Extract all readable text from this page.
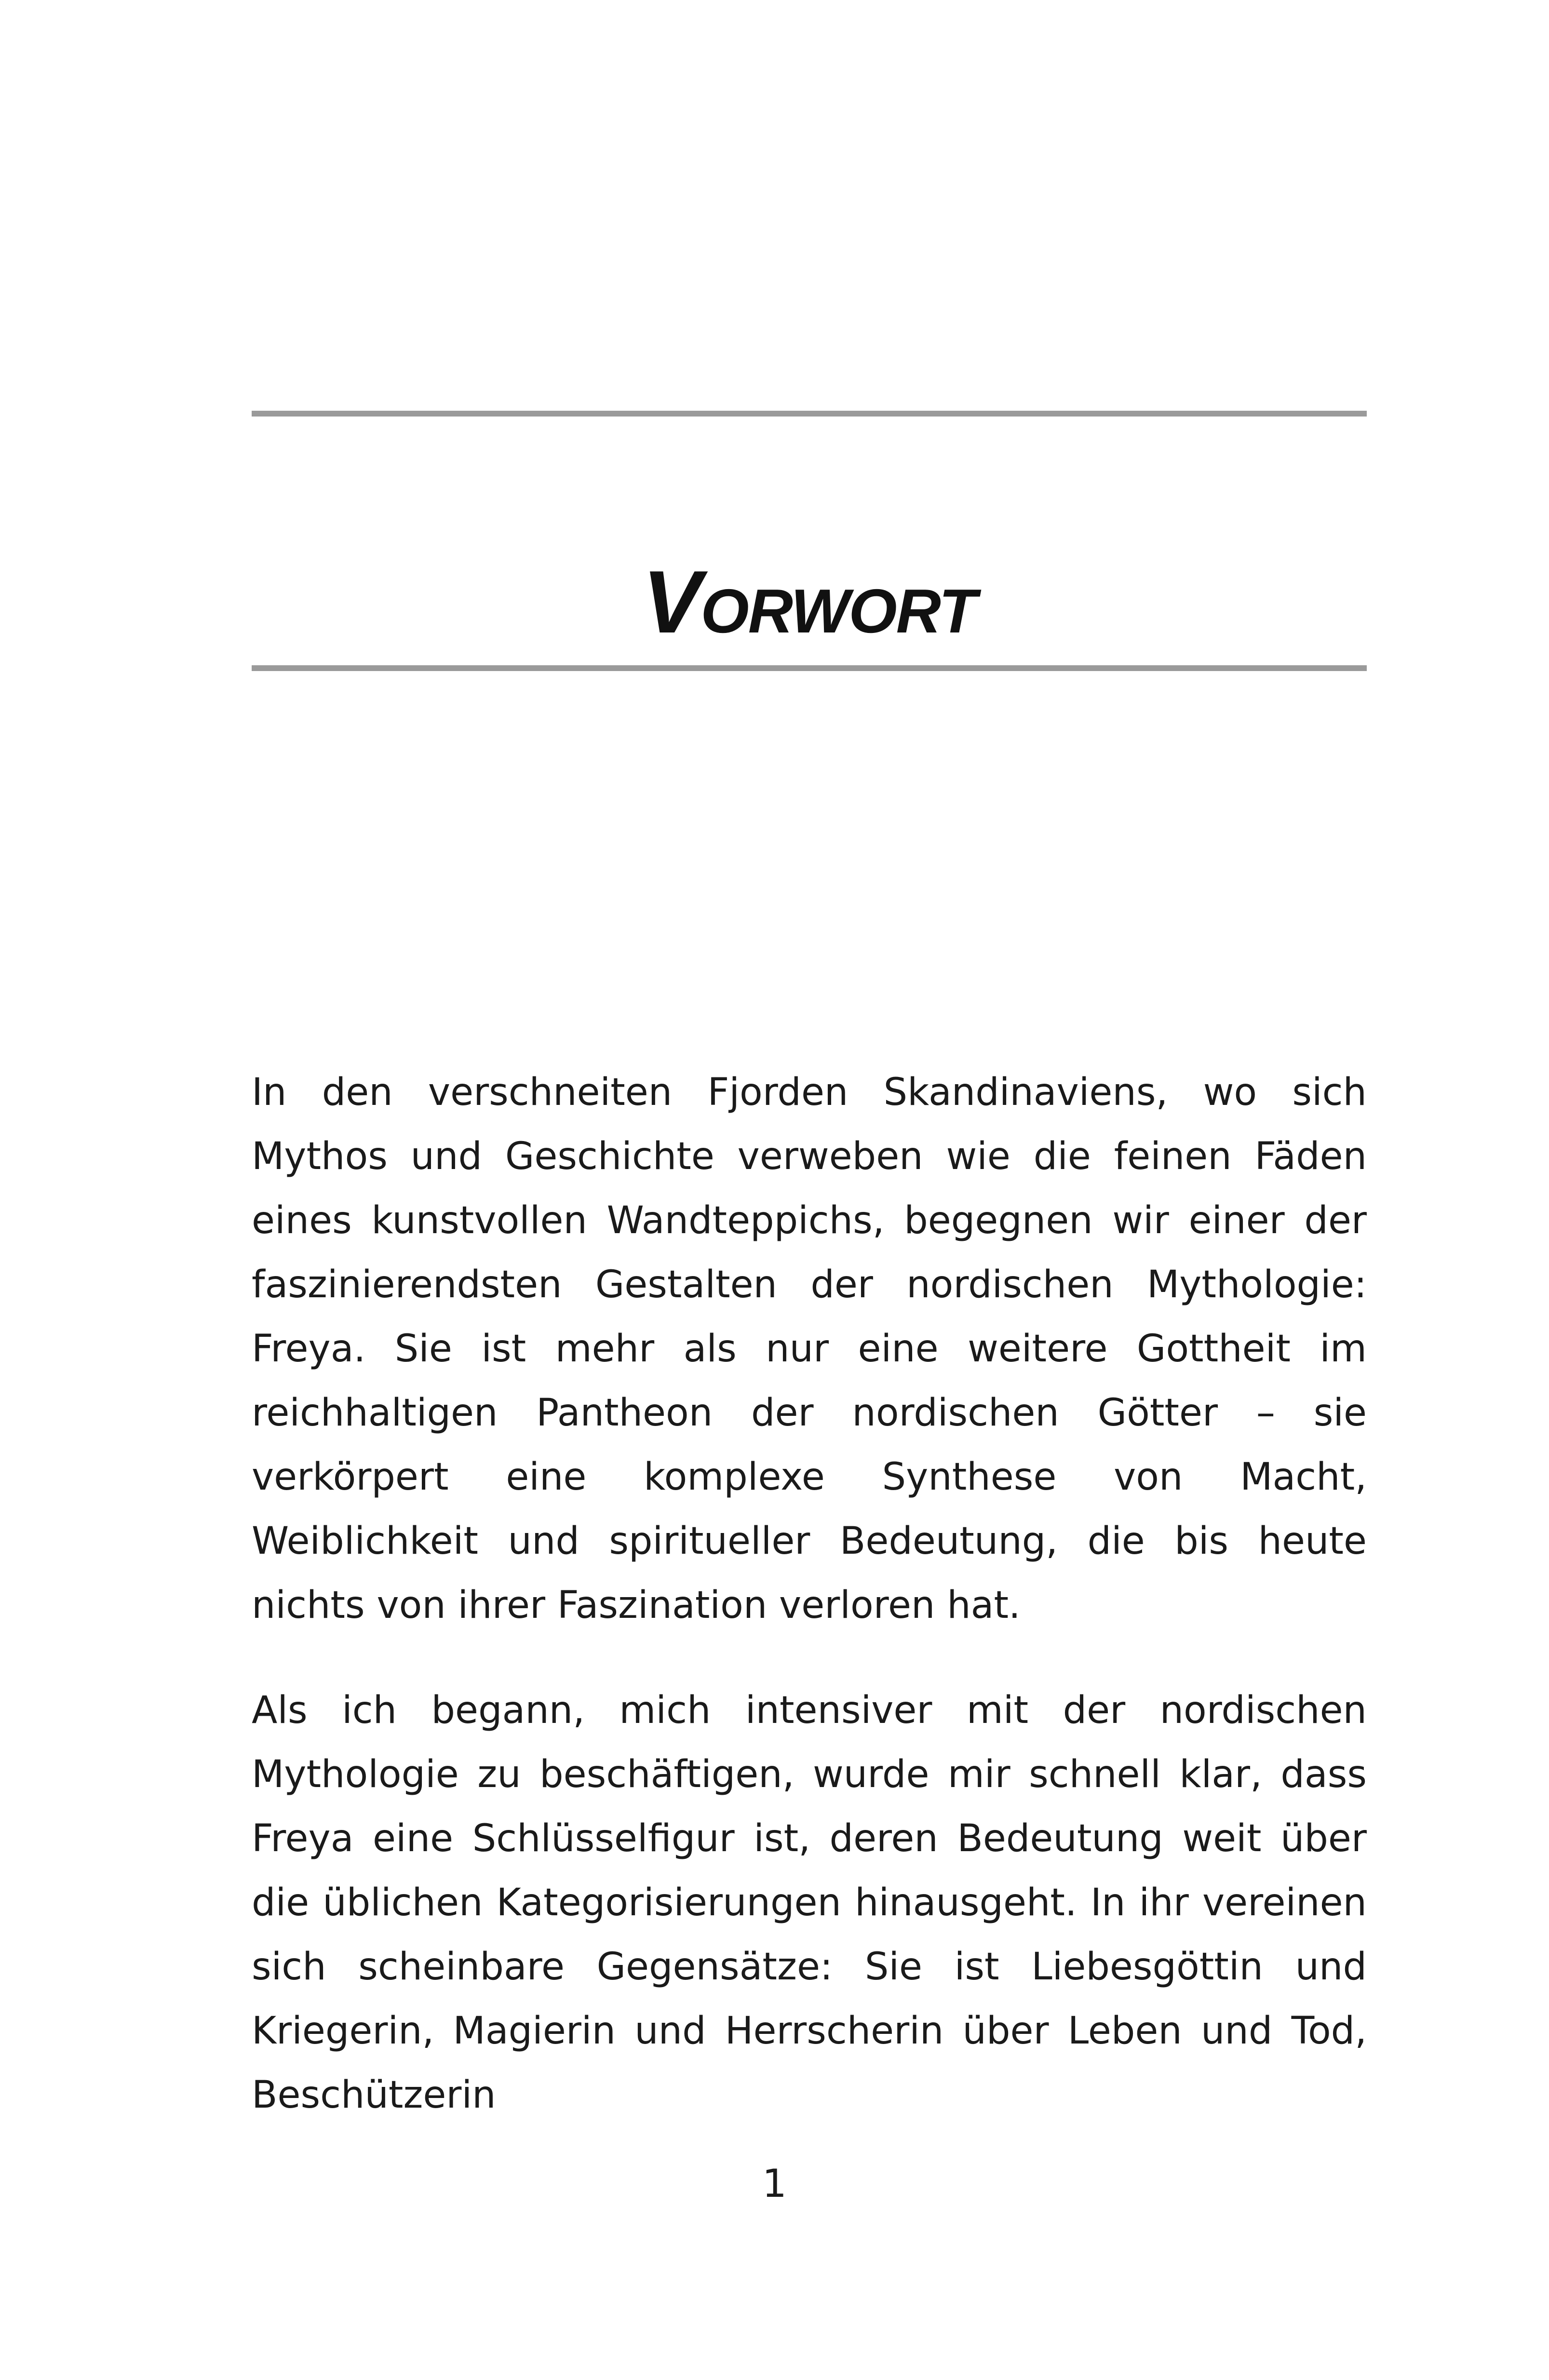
Vorwort

In den verschneiten Fjorden Skandinaviens, wo sich Mythos und Geschichte verweben wie die feinen Fäden eines kunstvollen Wandteppichs, begegnen wir einer der faszinierendsten Gestalten der nordischen Mythologie: Freya. Sie ist mehr als nur eine weitere Gottheit im reichhaltigen Pantheon der nordischen Götter – sie verkörpert eine komplexe Synthese von Macht, Weiblichkeit und spiritueller Bedeutung, die bis heute nichts von ihrer Faszination verloren hat.

Als ich begann, mich intensiver mit der nordischen Mythologie zu beschäftigen, wurde mir schnell klar, dass Freya eine Schlüsselfigur ist, deren Bedeutung weit über die üblichen Kategorisierungen hinausgeht. In ihr vereinen sich scheinbare Gegensätze: Sie ist Liebesgöttin und Kriegerin, Magierin und Herrscherin über Leben und Tod, Beschützerin

1
